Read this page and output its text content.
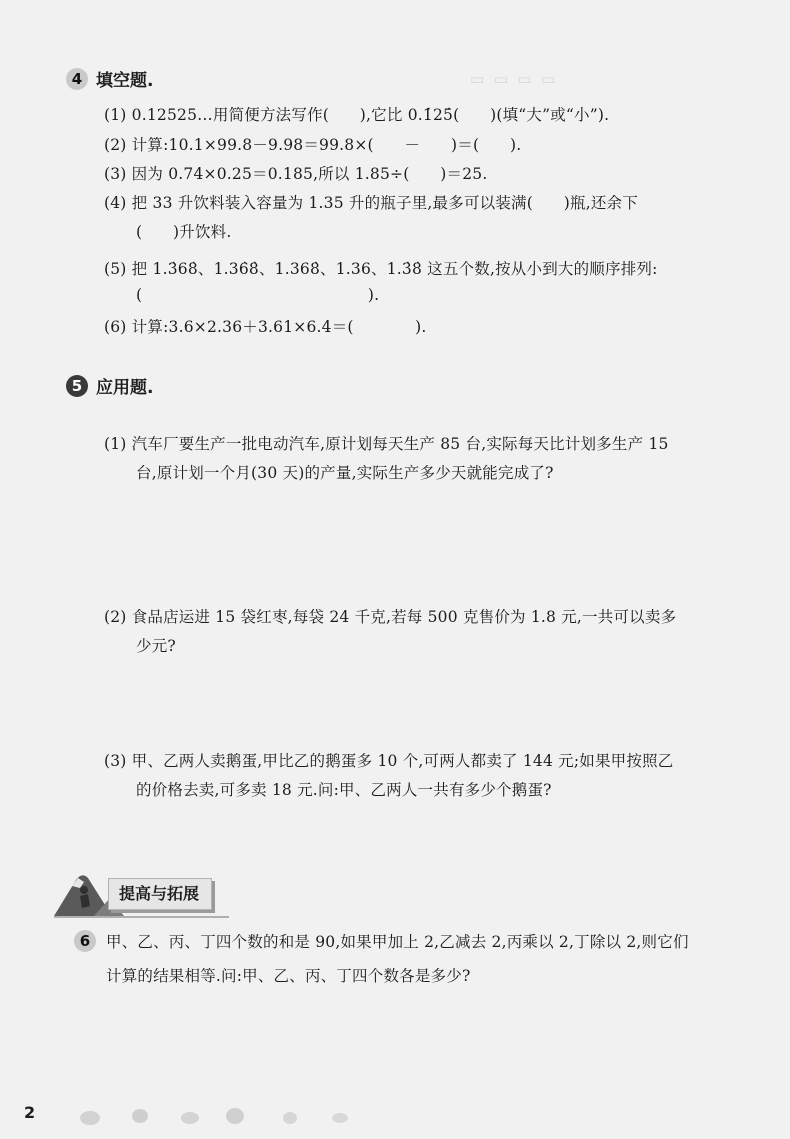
▭  ▭  ▭  ▭
4 填空题.
(1) 0.12525…用简便方法写作(      ),它比 0.1̇25̇(      )(填“大”或“小”).
(2) 计算:10.1×99.8－9.98＝99.8×(      －      )＝(      ).
(3) 因为 0.74×0.25＝0.185,所以 1.85÷(      )＝25.
(4) 把 33 升饮料装入容量为 1.35 升的瓶子里,最多可以装满(      )瓶,还余下
(      )升饮料.
(5) 把 1.3̇68̇、1.36̇8̇、1.368̇、1.36、1.3̇8̇ 这五个数,按从小到大的顺序排列:
(                                            ).
(6) 计算:3.6×2.36＋3.61×6.4＝(            ).
5 应用题.
(1) 汽车厂要生产一批电动汽车,原计划每天生产 85 台,实际每天比计划多生产 15
台,原计划一个月(30 天)的产量,实际生产多少天就能完成了?
(2) 食品店运进 15 袋红枣,每袋 24 千克,若每 500 克售价为 1.8 元,一共可以卖多
少元?
(3) 甲、乙两人卖鹅蛋,甲比乙的鹅蛋多 10 个,可两人都卖了 144 元;如果甲按照乙
的价格去卖,可多卖 18 元.问:甲、乙两人一共有多少个鹅蛋?
提高与拓展
6	甲、乙、丙、丁四个数的和是 90,如果甲加上 2,乙减去 2,丙乘以 2,丁除以 2,则它们
计算的结果相等.问:甲、乙、丙、丁四个数各是多少?
2
